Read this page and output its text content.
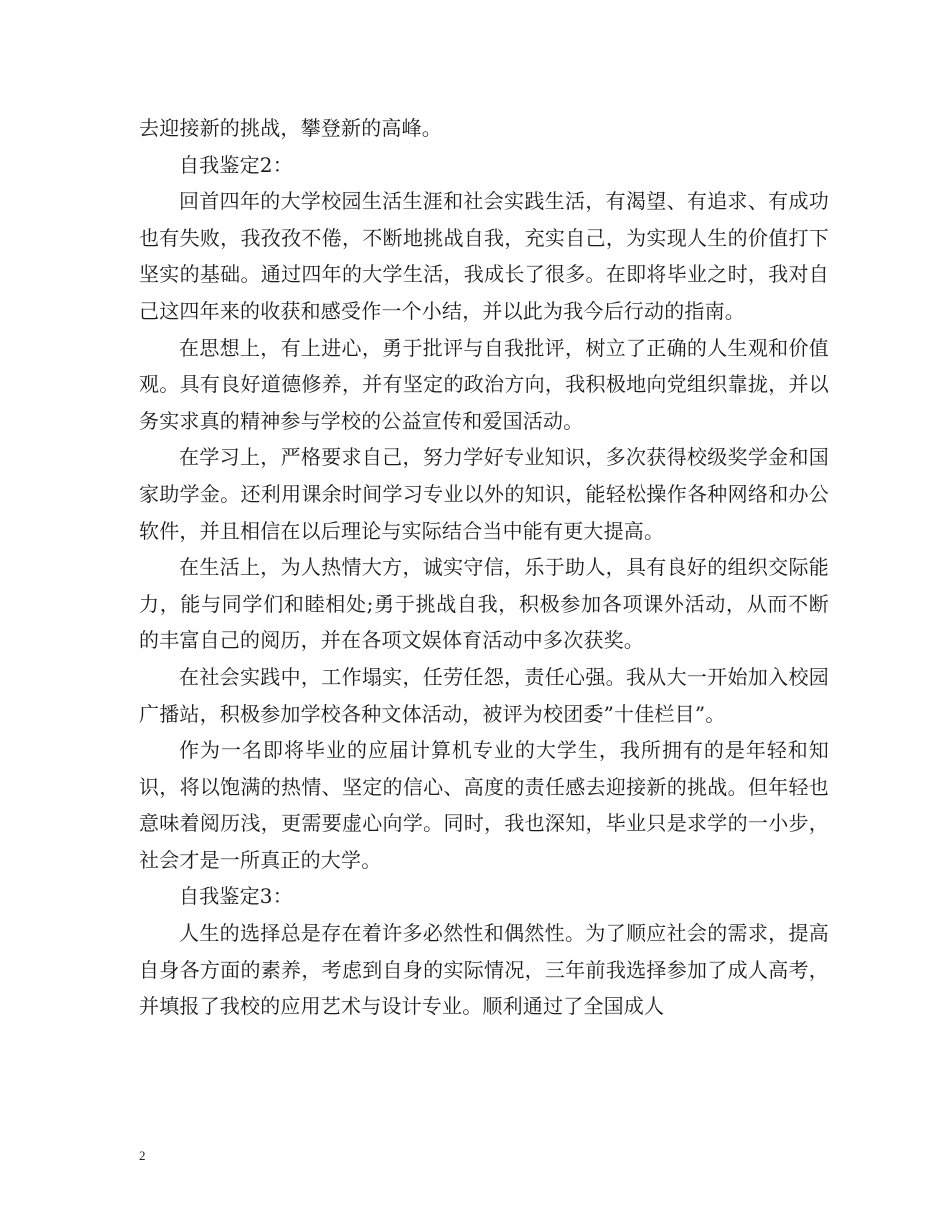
去迎接新的挑战，攀登新的高峰。

自我鉴定2：

回首四年的大学校园生活生涯和社会实践生活，有渴望、有追求、有成功也有失败，我孜孜不倦，不断地挑战自我，充实自己，为实现人生的价值打下坚实的基础。通过四年的大学生活，我成长了很多。在即将毕业之时，我对自己这四年来的收获和感受作一个小结，并以此为我今后行动的指南。

在思想上，有上进心，勇于批评与自我批评，树立了正确的人生观和价值观。具有良好道德修养，并有坚定的政治方向，我积极地向党组织靠拢，并以务实求真的精神参与学校的公益宣传和爱国活动。

在学习上，严格要求自己，努力学好专业知识，多次获得校级奖学金和国家助学金。还利用课余时间学习专业以外的知识，能轻松操作各种网络和办公软件，并且相信在以后理论与实际结合当中能有更大提高。

在生活上，为人热情大方，诚实守信，乐于助人，具有良好的组织交际能力，能与同学们和睦相处;勇于挑战自我，积极参加各项课外活动，从而不断的丰富自己的阅历，并在各项文娱体育活动中多次获奖。

在社会实践中，工作塌实，任劳任怨，责任心强。我从大一开始加入校园广播站，积极参加学校各种文体活动，被评为校团委”十佳栏目”。

作为一名即将毕业的应届计算机专业的大学生，我所拥有的是年轻和知识，将以饱满的热情、坚定的信心、高度的责任感去迎接新的挑战。但年轻也意味着阅历浅，更需要虚心向学。同时，我也深知，毕业只是求学的一小步，社会才是一所真正的大学。

自我鉴定3：

人生的选择总是存在着许多必然性和偶然性。为了顺应社会的需求，提高自身各方面的素养，考虑到自身的实际情况，三年前我选择参加了成人高考，并填报了我校的应用艺术与设计专业。顺利通过了全国成人

2
